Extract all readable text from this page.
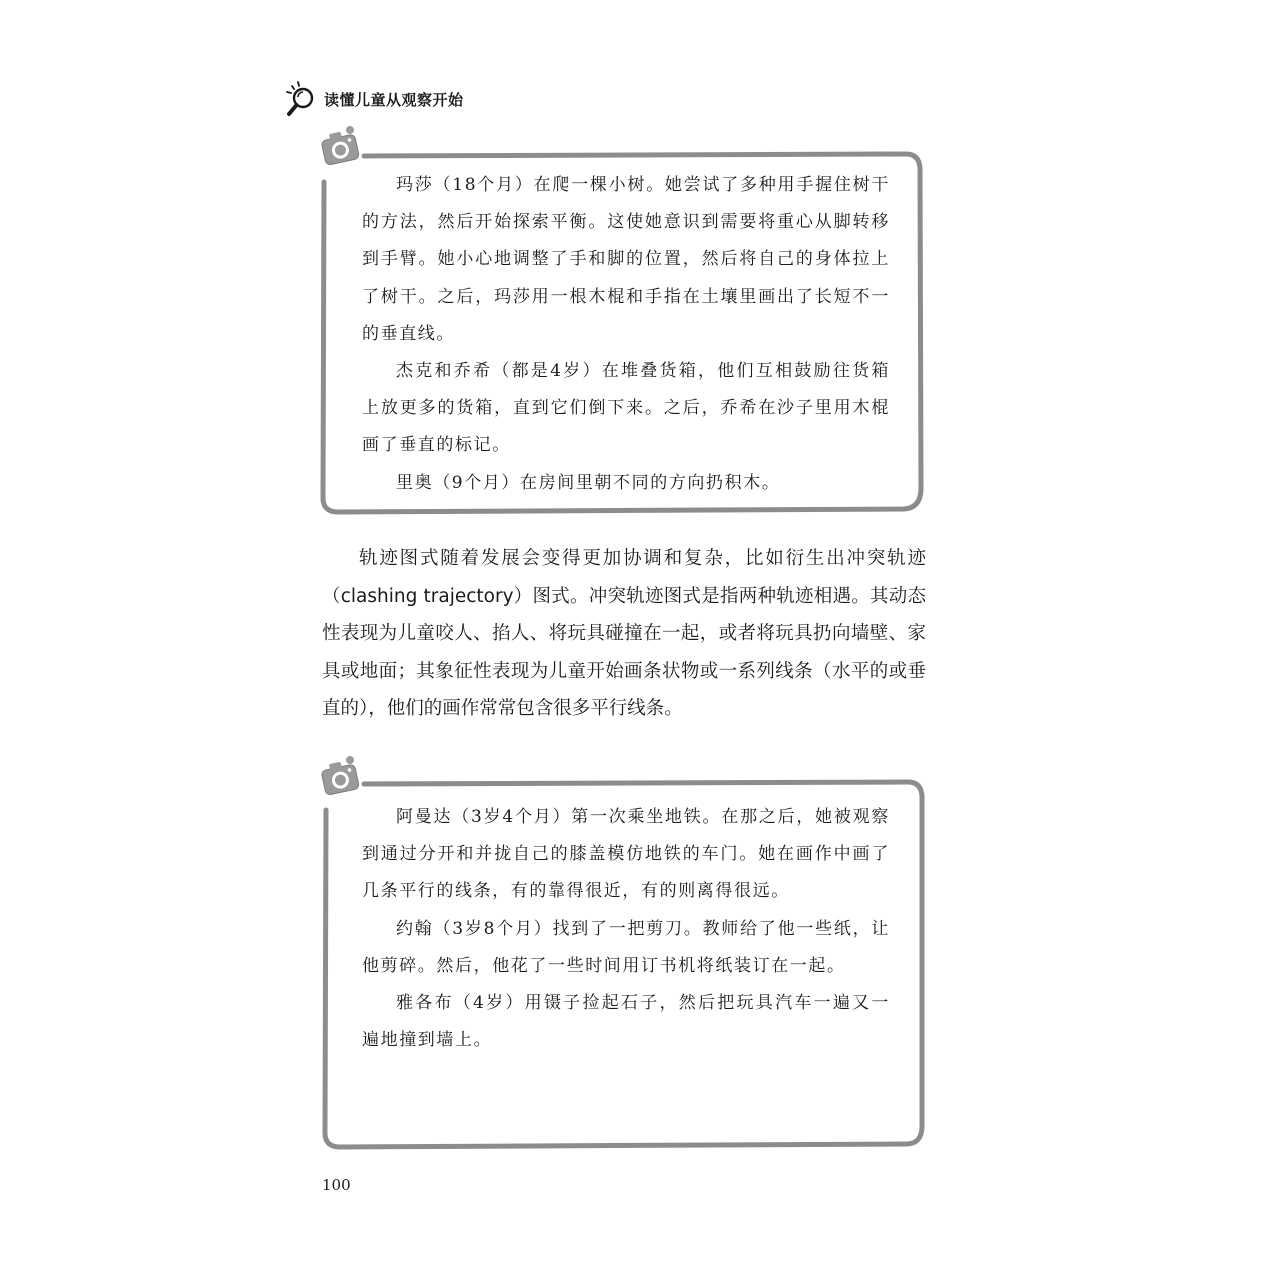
读懂儿童从观察开始

玛莎（18个月）在爬一棵小树。她尝试了多种用手握住树干的方法，然后开始探索平衡。这使她意识到需要将重心从脚转移到手臂。她小心地调整了手和脚的位置，然后将自己的身体拉上了树干。之后，玛莎用一根木棍和手指在土壤里画出了长短不一的垂直线。

杰克和乔希（都是4岁）在堆叠货箱，他们互相鼓励往货箱上放更多的货箱，直到它们倒下来。之后，乔希在沙子里用木棍画了垂直的标记。

里奥（9个月）在房间里朝不同的方向扔积木。

轨迹图式随着发展会变得更加协调和复杂，比如衍生出冲突轨迹（clashing trajectory）图式。冲突轨迹图式是指两种轨迹相遇。其动态性表现为儿童咬人、掐人、将玩具碰撞在一起，或者将玩具扔向墙壁、家具或地面；其象征性表现为儿童开始画条状物或一系列线条（水平的或垂直的），他们的画作常常包含很多平行线条。

阿曼达（3岁4个月）第一次乘坐地铁。在那之后，她被观察到通过分开和并拢自己的膝盖模仿地铁的车门。她在画作中画了几条平行的线条，有的靠得很近，有的则离得很远。

约翰（3岁8个月）找到了一把剪刀。教师给了他一些纸，让他剪碎。然后，他花了一些时间用订书机将纸装订在一起。

雅各布（4岁）用镊子捡起石子，然后把玩具汽车一遍又一遍地撞到墙上。

100
